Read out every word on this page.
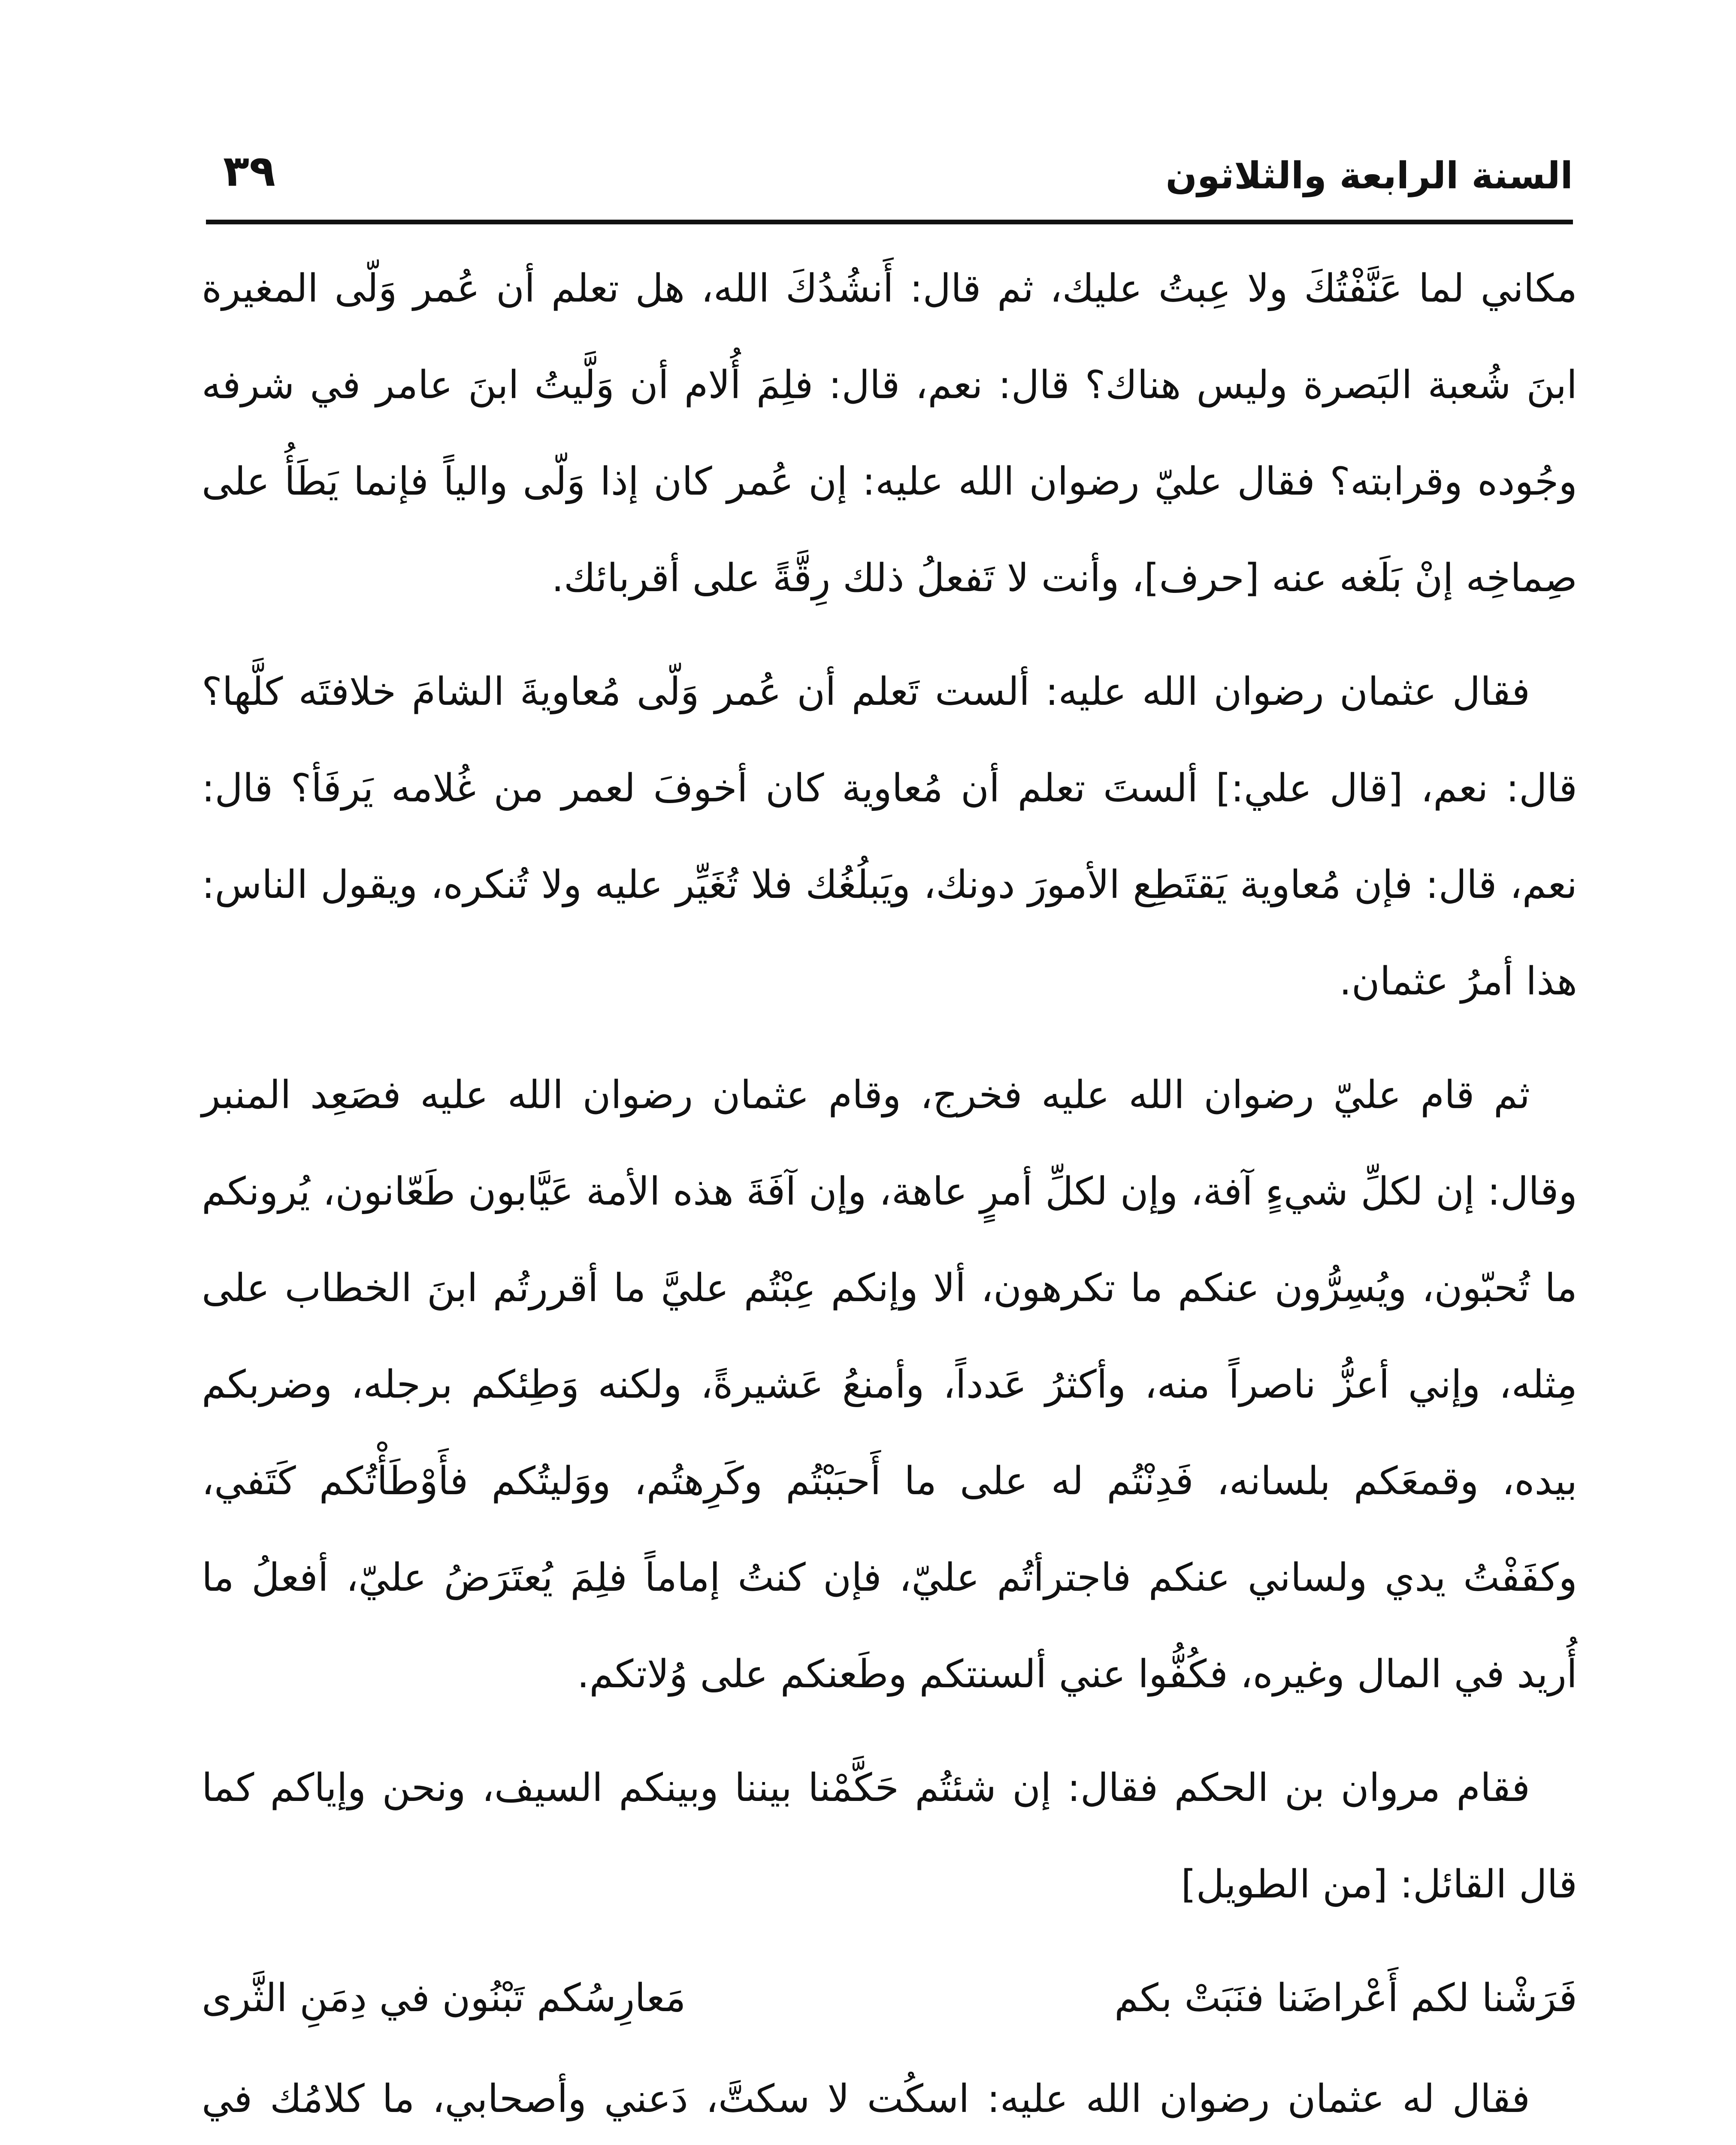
السنة الرابعة والثلاثون
٣٩

مكاني لما عَنَّفْتُكَ ولا عِبتُ عليك، ثم قال: أَنشُدُكَ الله، هل تعلم أن عُمر وَلّى المغيرة ابنَ شُعبة البَصرة وليس هناك؟ قال: نعم، قال: فلِمَ أُلام أن وَلَّيتُ ابنَ عامر في شرفه وجُوده وقرابته؟ فقال عليّ رضوان الله عليه: إن عُمر كان إذا وَلّى والياً فإنما يَطَأُ على صِماخِه إنْ بَلَغه عنه [حرف]، وأنت لا تَفعلُ ذلك رِقَّةً على أقربائك.

فقال عثمان رضوان الله عليه: ألست تَعلم أن عُمر وَلّى مُعاويةَ الشامَ خلافتَه كلَّها؟ قال: نعم، [قال علي:] ألستَ تعلم أن مُعاوية كان أخوفَ لعمر من غُلامه يَرفَأ؟ قال: نعم، قال: فإن مُعاوية يَقتَطِع الأمورَ دونك، ويَبلُغُك فلا تُغَيِّر عليه ولا تُنكره، ويقول الناس: هذا أمرُ عثمان.

ثم قام عليّ رضوان الله عليه فخرج، وقام عثمان رضوان الله عليه فصَعِد المنبر وقال: إن لكلِّ شيءٍ آفة، وإن لكلِّ أمرٍ عاهة، وإن آفَةَ هذه الأمة عَيَّابون طَعّانون، يُرونكم ما تُحبّون، ويُسِرُّون عنكم ما تكرهون، ألا وإنكم عِبْتُم عليَّ ما أقررتُم ابنَ الخطاب على مِثله، وإني أعزُّ ناصراً منه، وأكثرُ عَدداً، وأمنعُ عَشيرةً، ولكنه وَطِئكم برجله، وضربكم بيده، وقمعَكم بلسانه، فَدِنْتُم له على ما أَحبَبْتُم وكَرِهتُم، ووَليتُكم فأَوْطَأْتُكم كَتَفي، وكفَفْتُ يدي ولساني عنكم فاجترأتُم عليّ، فإن كنتُ إماماً فلِمَ يُعتَرَضُ عليّ، أفعلُ ما أُريد في المال وغيره، فكُفُّوا عني ألسنتكم وطَعنكم على وُلاتكم.

فقام مروان بن الحكم فقال: إن شئتُم حَكَّمْنا بيننا وبينكم السيف، ونحن وإياكم كما قال القائل: [من الطويل]

فَرَشْنا لكم أَعْراضَنا فنَبَتْ بكم
مَعارِسُكم تَبْنُون في دِمَنِ الثَّرى

فقال له عثمان رضوان الله عليه: اسكُت لا سكتَّ، دَعني وأصحابي، ما كلامُك في
